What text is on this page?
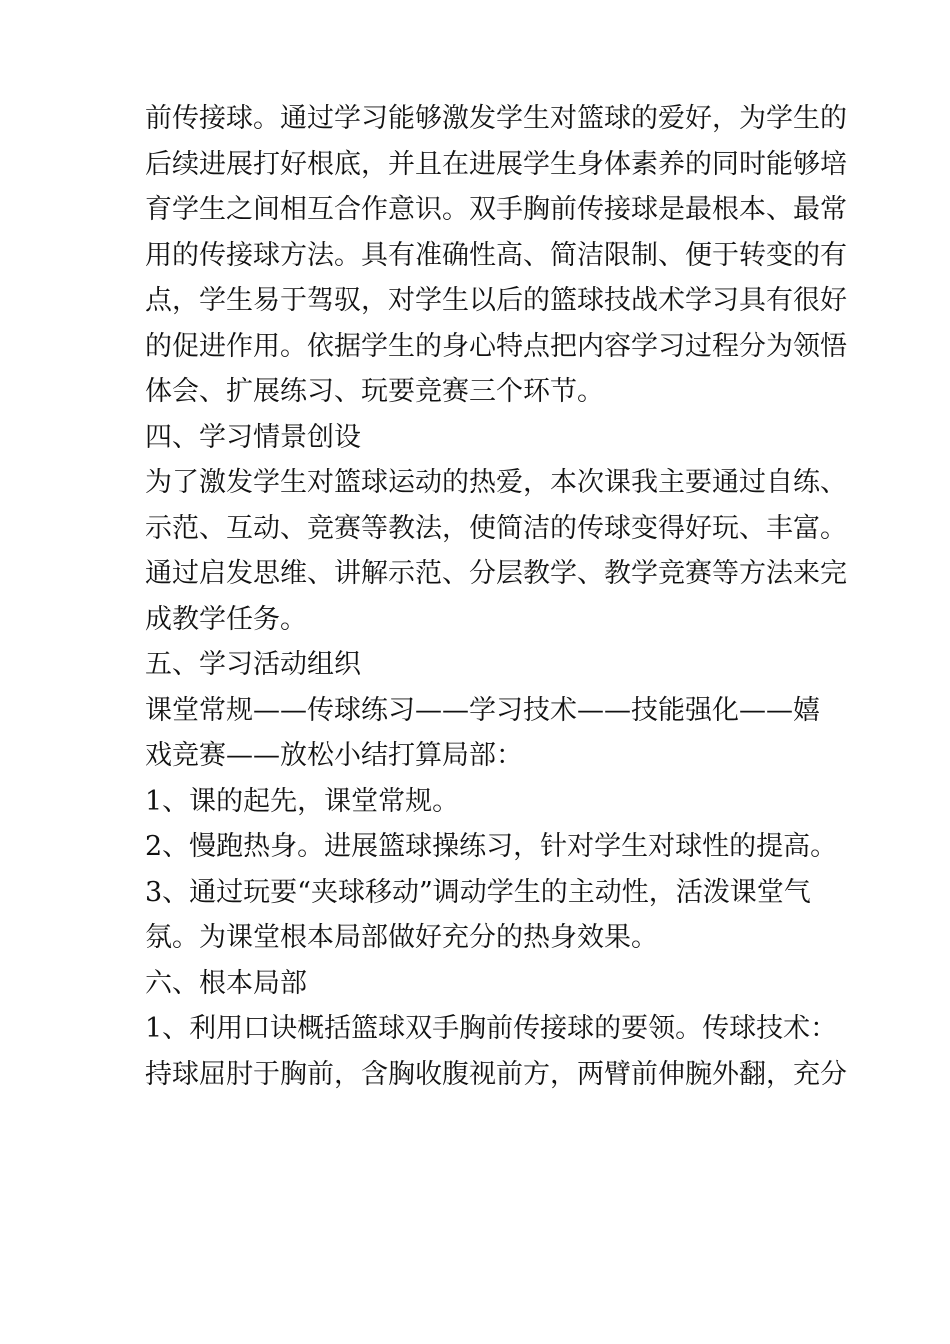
前传接球。通过学习能够激发学生对篮球的爱好，为学生的
后续进展打好根底，并且在进展学生身体素养的同时能够培
育学生之间相互合作意识。双手胸前传接球是最根本、最常
用的传接球方法。具有准确性高、简洁限制、便于转变的有
点，学生易于驾驭，对学生以后的篮球技战术学习具有很好
的促进作用。依据学生的身心特点把内容学习过程分为领悟
体会、扩展练习、玩要竞赛三个环节。
四、学习情景创设
为了激发学生对篮球运动的热爱，本次课我主要通过自练、
示范、互动、竞赛等教法，使简洁的传球变得好玩、丰富。
通过启发思维、讲解示范、分层教学、教学竞赛等方法来完
成教学任务。
五、学习活动组织
课堂常规——传球练习——学习技术——技能强化——嬉
戏竞赛——放松小结打算局部：
1、课的起先，课堂常规。
2、慢跑热身。进展篮球操练习，针对学生对球性的提高。
3、通过玩要“夹球移动”调动学生的主动性，活泼课堂气
氛。为课堂根本局部做好充分的热身效果。
六、根本局部
1、利用口诀概括篮球双手胸前传接球的要领。传球技术：
持球屈肘于胸前，含胸收腹视前方，两臂前伸腕外翻，充分
